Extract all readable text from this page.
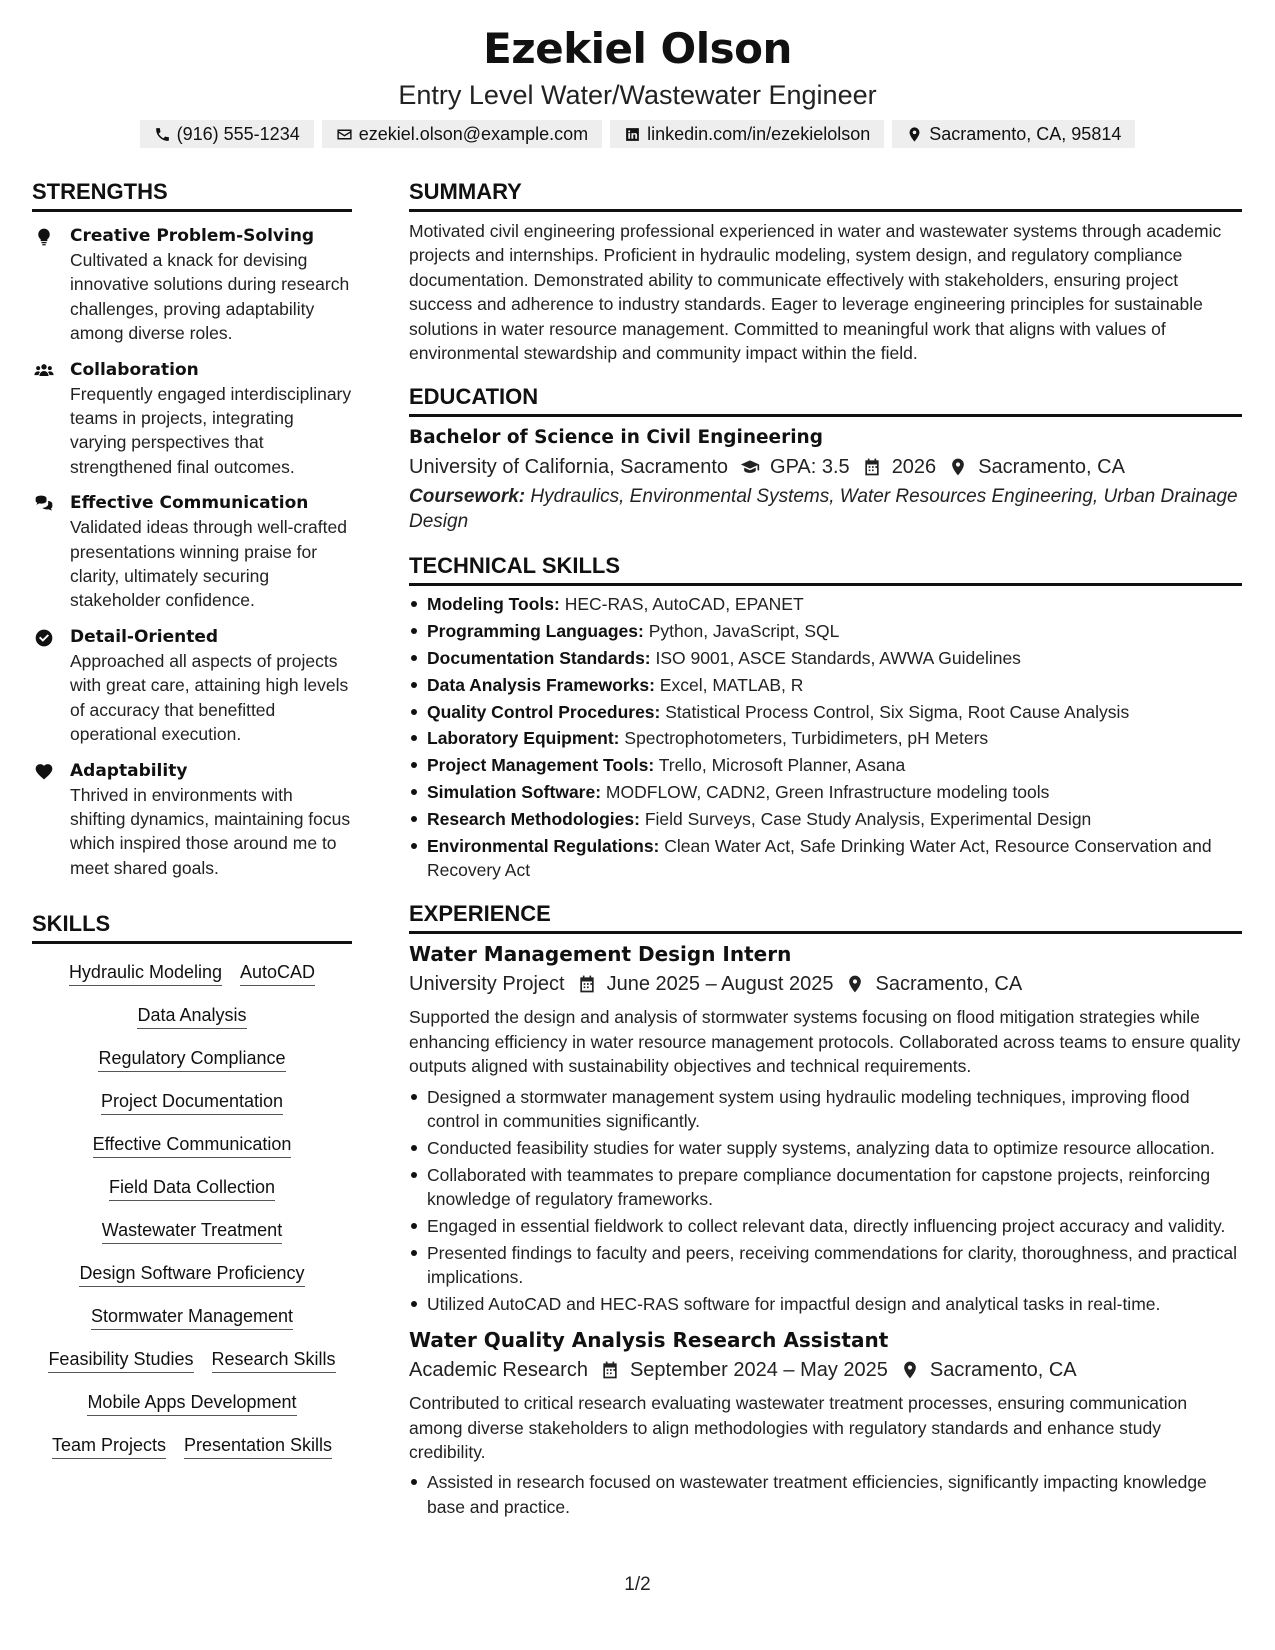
Ezekiel Olson
Entry Level Water/Wastewater Engineer
(916) 555-1234	ezekiel.olson@example.com	linkedin.com/in/ezekielolson	Sacramento, CA, 95814
STRENGTHS
Creative Problem-Solving
Cultivated a knack for devising innovative solutions during research challenges, proving adaptability among diverse roles.
Collaboration
Frequently engaged interdisciplinary teams in projects, integrating varying perspectives that strengthened final outcomes.
Effective Communication
Validated ideas through well-crafted presentations winning praise for clarity, ultimately securing stakeholder confidence.
Detail-Oriented
Approached all aspects of projects with great care, attaining high levels of accuracy that benefitted operational execution.
Adaptability
Thrived in environments with shifting dynamics, maintaining focus which inspired those around me to meet shared goals.
SKILLS
Hydraulic Modeling AutoCAD
Data Analysis
Regulatory Compliance
Project Documentation
Effective Communication
Field Data Collection
Wastewater Treatment
Design Software Proficiency
Stormwater Management
Feasibility Studies Research Skills
Mobile Apps Development
Team Projects Presentation Skills
SUMMARY
Motivated civil engineering professional experienced in water and wastewater systems through academic projects and internships. Proficient in hydraulic modeling, system design, and regulatory compliance documentation. Demonstrated ability to communicate effectively with stakeholders, ensuring project success and adherence to industry standards. Eager to leverage engineering principles for sustainable solutions in water resource management. Committed to meaningful work that aligns with values of environmental stewardship and community impact within the field.
EDUCATION
Bachelor of Science in Civil Engineering
University of California, Sacramento GPA: 3.5 2026 Sacramento, CA
Coursework: Hydraulics, Environmental Systems, Water Resources Engineering, Urban Drainage Design
TECHNICAL SKILLS
Modeling Tools: HEC-RAS, AutoCAD, EPANET
Programming Languages: Python, JavaScript, SQL
Documentation Standards: ISO 9001, ASCE Standards, AWWA Guidelines
Data Analysis Frameworks: Excel, MATLAB, R
Quality Control Procedures: Statistical Process Control, Six Sigma, Root Cause Analysis
Laboratory Equipment: Spectrophotometers, Turbidimeters, pH Meters
Project Management Tools: Trello, Microsoft Planner, Asana
Simulation Software: MODFLOW, CADN2, Green Infrastructure modeling tools
Research Methodologies: Field Surveys, Case Study Analysis, Experimental Design
Environmental Regulations: Clean Water Act, Safe Drinking Water Act, Resource Conservation and Recovery Act
EXPERIENCE
Water Management Design Intern
University Project June 2025 – August 2025 Sacramento, CA
Supported the design and analysis of stormwater systems focusing on flood mitigation strategies while enhancing efficiency in water resource management protocols. Collaborated across teams to ensure quality outputs aligned with sustainability objectives and technical requirements.
Designed a stormwater management system using hydraulic modeling techniques, improving flood control in communities significantly.
Conducted feasibility studies for water supply systems, analyzing data to optimize resource allocation.
Collaborated with teammates to prepare compliance documentation for capstone projects, reinforcing knowledge of regulatory frameworks.
Engaged in essential fieldwork to collect relevant data, directly influencing project accuracy and validity.
Presented findings to faculty and peers, receiving commendations for clarity, thoroughness, and practical implications.
Utilized AutoCAD and HEC-RAS software for impactful design and analytical tasks in real-time.
Water Quality Analysis Research Assistant
Academic Research September 2024 – May 2025 Sacramento, CA
Contributed to critical research evaluating wastewater treatment processes, ensuring communication among diverse stakeholders to align methodologies with regulatory standards and enhance study credibility.
Assisted in research focused on wastewater treatment efficiencies, significantly impacting knowledge base and practice.
1/2
